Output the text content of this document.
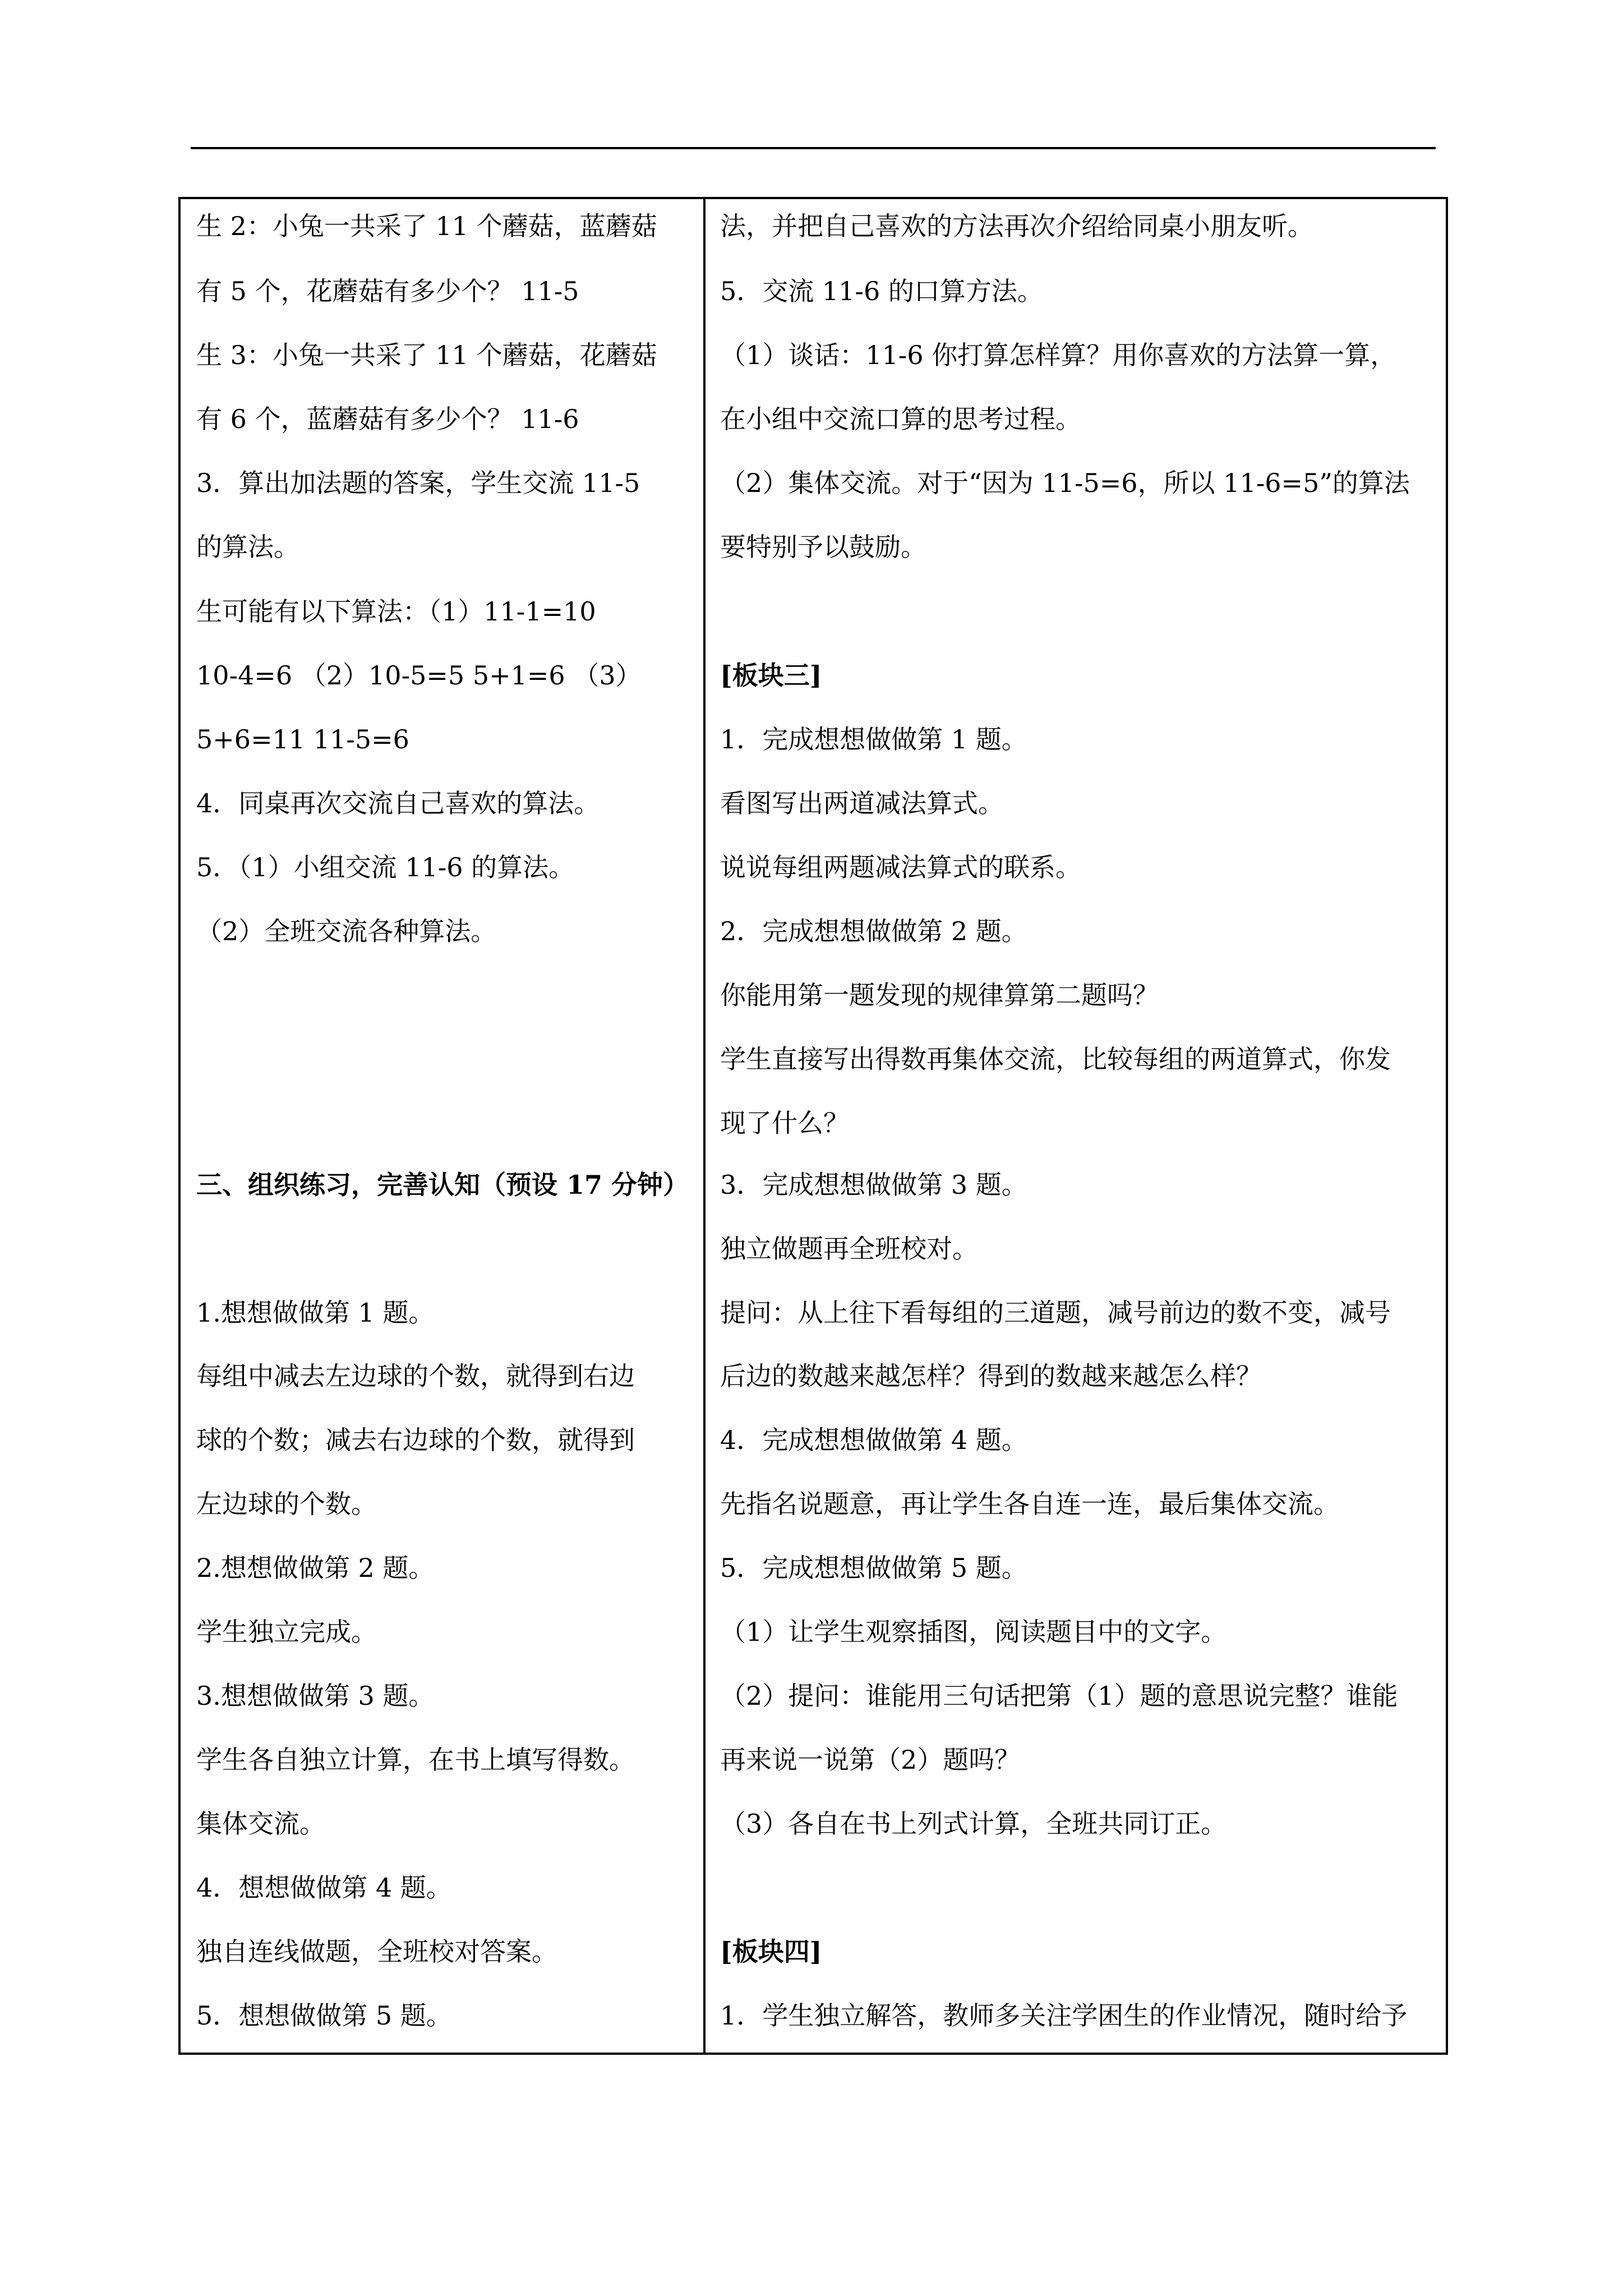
生 2：小兔一共采了 11 个蘑菇，蓝蘑菇
有 5 个，花蘑菇有多少个？ 11-5
生 3：小兔一共采了 11 个蘑菇，花蘑菇
有 6 个，蓝蘑菇有多少个？ 11-6
3．算出加法题的答案，学生交流 11-5
的算法。
生可能有以下算法：（1）11-1=10
10-4=6 （2）10-5=5 5+1=6 （3）
5+6=11 11-5=6
4．同桌再次交流自己喜欢的算法。
5．（1）小组交流 11-6 的算法。
（2）全班交流各种算法。
三、组织练习，完善认知（预设 17 分钟）
1.想想做做第 1 题。
每组中减去左边球的个数，就得到右边
球的个数；减去右边球的个数，就得到
左边球的个数。
2.想想做做第 2 题。
学生独立完成。
3.想想做做第 3 题。
学生各自独立计算，在书上填写得数。
集体交流。
4．想想做做第 4 题。
独自连线做题，全班校对答案。
5．想想做做第 5 题。
法，并把自己喜欢的方法再次介绍给同桌小朋友听。
5．交流 11-6 的口算方法。
（1）谈话：11-6 你打算怎样算？用你喜欢的方法算一算，
在小组中交流口算的思考过程。
（2）集体交流。对于“因为 11-5=6，所以 11-6=5”的算法
要特别予以鼓励。
[板块三]
1．完成想想做做第 1 题。
看图写出两道减法算式。
说说每组两题减法算式的联系。
2．完成想想做做第 2 题。
你能用第一题发现的规律算第二题吗？
学生直接写出得数再集体交流，比较每组的两道算式，你发
现了什么？
3．完成想想做做第 3 题。
独立做题再全班校对。
提问：从上往下看每组的三道题，减号前边的数不变，减号
后边的数越来越怎样？得到的数越来越怎么样？
4．完成想想做做第 4 题。
先指名说题意，再让学生各自连一连，最后集体交流。
5．完成想想做做第 5 题。
（1）让学生观察插图，阅读题目中的文字。
（2）提问：谁能用三句话把第（1）题的意思说完整？谁能
再来说一说第（2）题吗？
（3）各自在书上列式计算，全班共同订正。
[板块四]
1．学生独立解答，教师多关注学困生的作业情况，随时给予
